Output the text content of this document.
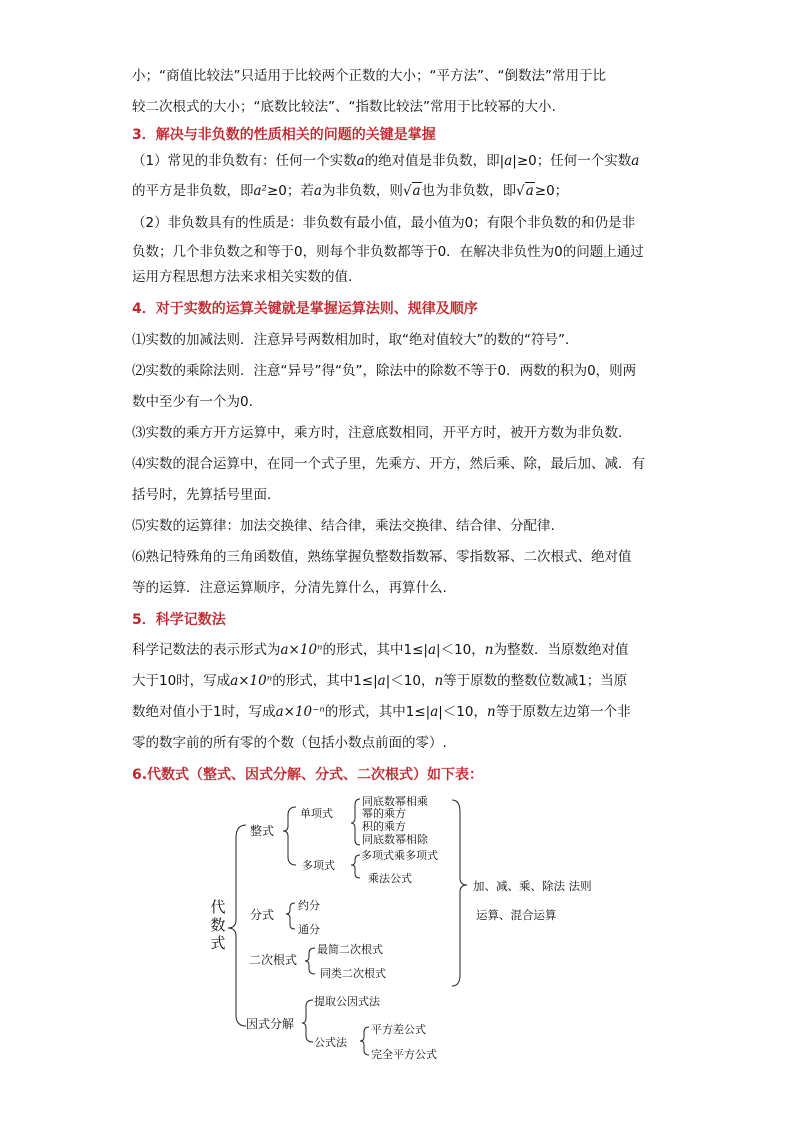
小；“商值比较法”只适用于比较两个正数的大小；“平方法”、“倒数法”常用于比

较二次根式的大小；“底数比较法”、“指数比较法”常用于比较幂的大小.

3．解决与非负数的性质相关的问题的关键是掌握

（1）常见的非负数有：任何一个实数a的绝对值是非负数，即|a|≥0；任何一个实数a

的平方是非负数，即a²≥0；若a为非负数，则√a也为非负数，即√a≥0；

（2）非负数具有的性质是：非负数有最小值，最小值为0；有限个非负数的和仍是非

负数；几个非负数之和等于0，则每个非负数都等于0．在解决非负性为0的问题上通过

运用方程思想方法来求相关实数的值.

4．对于实数的运算关键就是掌握运算法则、规律及顺序

⑴实数的加减法则．注意异号两数相加时，取“绝对值较大”的数的“符号”．

⑵实数的乘除法则．注意“异号”得“负”，除法中的除数不等于0．两数的积为0，则两

数中至少有一个为0.

⑶实数的乘方开方运算中，乘方时，注意底数相同，开平方时，被开方数为非负数.

⑷实数的混合运算中，在同一个式子里，先乘方、开方，然后乘、除，最后加、减．有

括号时，先算括号里面．

⑸实数的运算律：加法交换律、结合律，乘法交换律、结合律、分配律.

⑹熟记特殊角的三角函数值，熟练掌握负整数指数幂、零指数幂、二次根式、绝对值

等的运算．注意运算顺序，分清先算什么，再算什么.

5．科学记数法

科学记数法的表示形式为a×10ⁿ的形式，其中1≤|a|＜10，n为整数．当原数绝对值

大于10时，写成a×10ⁿ的形式，其中1≤|a|＜10，n等于原数的整数位数减1；当原

数绝对值小于1时，写成a×10⁻ⁿ的形式，其中1≤|a|＜10，n等于原数左边第一个非

零的数字前的所有零的个数（包括小数点前面的零）.

6.代数式（整式、因式分解、分式、二次根式）如下表：

代数式
整式
单项式
同底数幂相乘
幂的乘方
积的乘方
同底数幂相除
多项式
多项式乘多项式
乘法公式
分式
约分
通分
二次根式
最简二次根式
同类二次根式
因式分解
提取公因式法
公式法
平方差公式
完全平方公式
加、减、乘、除法 法则
运算、混合运算
